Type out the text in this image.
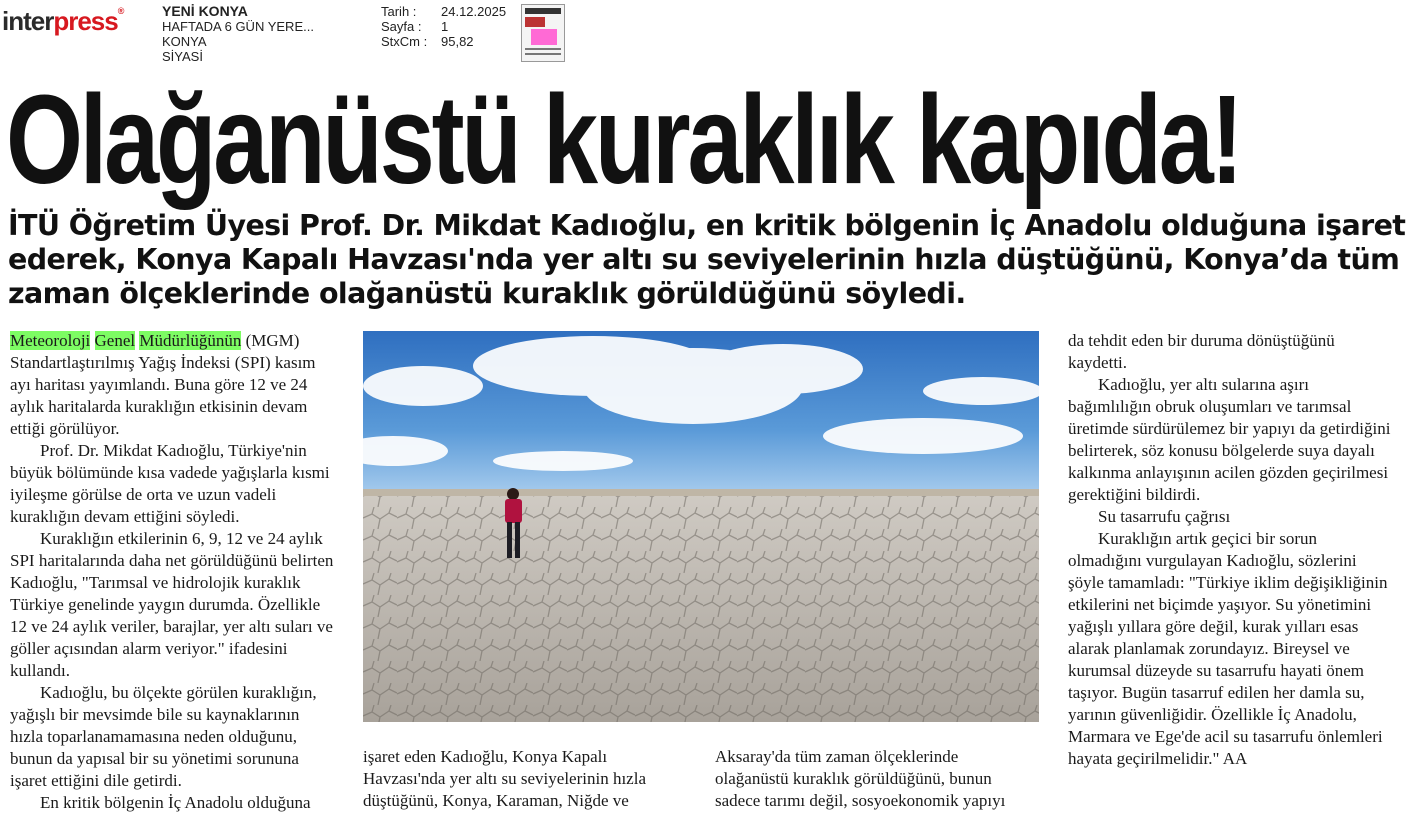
interpress®	YENİ KONYA
HAFTADA 6 GÜN YERE...
KONYA
SİYASİ
Tarih :	24.12.2025
Sayfa :	1
StxCm :	95,82
Olağanüstü kuraklık kapıda!
İTÜ Öğretim Üyesi Prof. Dr. Mikdat Kadıoğlu, en kritik bölgenin İç Anadolu olduğuna işaret ederek, Konya Kapalı Havzası'nda yer altı su seviyelerinin hızla düştüğünü, Konya’da tüm zaman ölçeklerinde olağanüstü kuraklık görüldüğünü söyledi.

Meteoroloji Genel Müdürlüğünün (MGM) Standartlaştırılmış Yağış İndeksi (SPI) kasım ayı haritası yayımlandı. Buna göre 12 ve 24 aylık haritalarda kuraklığın etkisinin devam ettiği görülüyor.

Prof. Dr. Mikdat Kadıoğlu, Türkiye'nin büyük bölümünde kısa vadede yağışlarla kısmi iyileşme görülse de orta ve uzun vadeli kuraklığın devam ettiğini söyledi.

Kuraklığın etkilerinin 6, 9, 12 ve 24 aylık SPI haritalarında daha net görüldüğünü belirten Kadıoğlu, "Tarımsal ve hidrolojik kuraklık Türkiye genelinde yaygın durumda. Özellikle 12 ve 24 aylık veriler, barajlar, yer altı suları ve göller açısından alarm veriyor." ifadesini kullandı.

Kadıoğlu, bu ölçekte görülen kuraklığın, yağışlı bir mevsimde bile su kaynaklarının hızla toparlanamamasına neden olduğunu, bunun da yapısal bir su yönetimi sorununa işaret ettiğini dile getirdi.

En kritik bölgenin İç Anadolu olduğuna

işaret eden Kadıoğlu, Konya Kapalı Havzası'nda yer altı su seviyelerinin hızla düştüğünü, Konya, Karaman, Niğde ve

Aksaray'da tüm zaman ölçeklerinde olağanüstü kuraklık görüldüğünü, bunun sadece tarımı değil, sosyoekonomik yapıyı

da tehdit eden bir duruma dönüştüğünü kaydetti.

Kadıoğlu, yer altı sularına aşırı bağımlılığın obruk oluşumları ve tarımsal üretimde sürdürülemez bir yapıyı da getirdiğini belirterek, söz konusu bölgelerde suya dayalı kalkınma anlayışının acilen gözden geçirilmesi gerektiğini bildirdi.

Su tasarrufu çağrısı

Kuraklığın artık geçici bir sorun olmadığını vurgulayan Kadıoğlu, sözlerini şöyle tamamladı: "Türkiye iklim değişikliğinin etkilerini net biçimde yaşıyor. Su yönetimini yağışlı yıllara göre değil, kurak yılları esas alarak planlamak zorundayız. Bireysel ve kurumsal düzeyde su tasarrufu hayati önem taşıyor. Bugün tasarruf edilen her damla su, yarının güvenliğidir. Özellikle İç Anadolu, Marmara ve Ege'de acil su tasarrufu önlemleri hayata geçirilmelidir." AA
